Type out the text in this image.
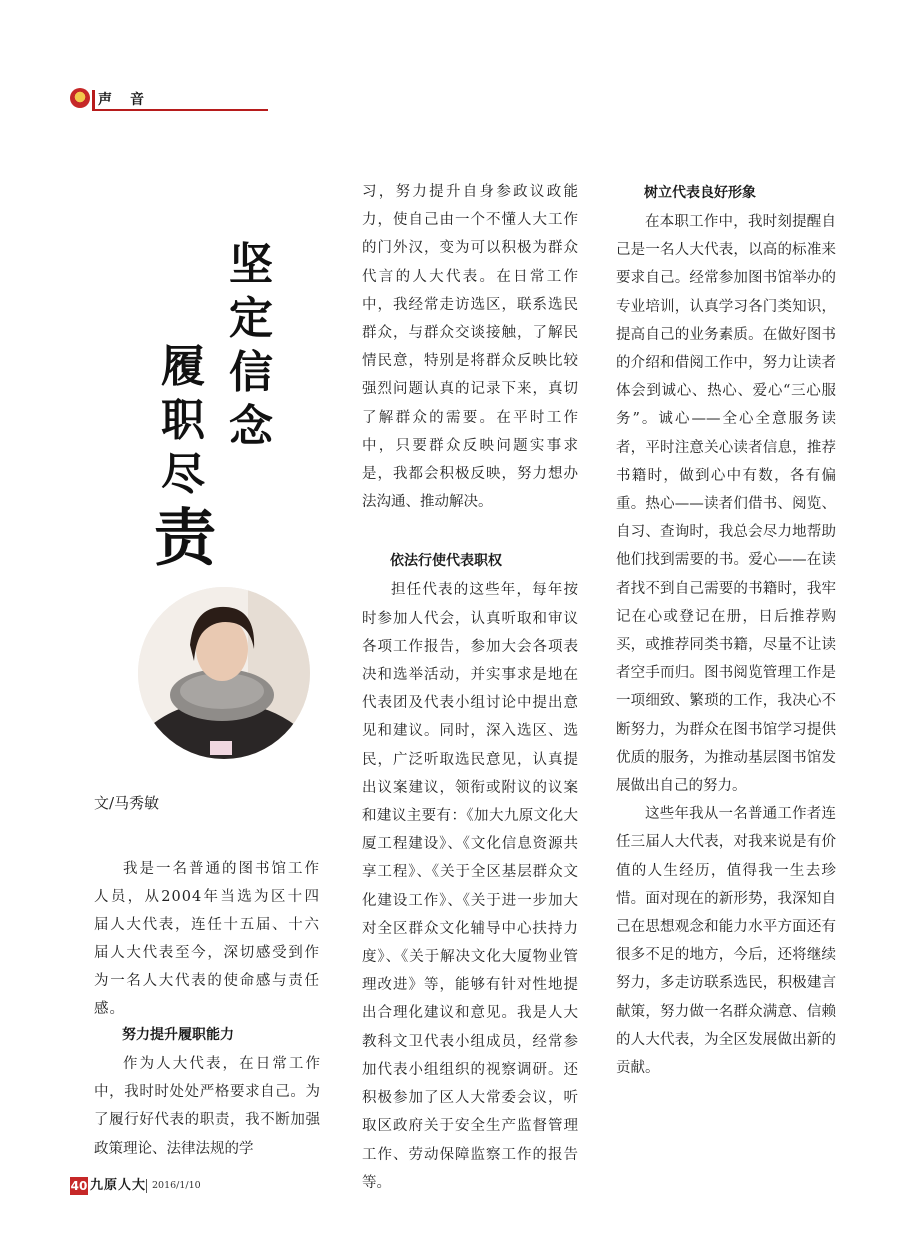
声音
坚定信念
履职尽
责
文/马秀敏

我是一名普通的图书馆工作人员，从2004年当选为区十四届人大代表，连任十五届、十六届人大代表至今，深切感受到作为一名人大代表的使命感与责任感。

努力提升履职能力

作为人大代表，在日常工作中，我时时处处严格要求自己。为了履行好代表的职责，我不断加强政策理论、法律法规的学

习，努力提升自身参政议政能力，使自己由一个不懂人大工作的门外汉，变为可以积极为群众代言的人大代表。在日常工作中，我经常走访选区，联系选民群众，与群众交谈接触，了解民情民意，特别是将群众反映比较强烈问题认真的记录下来，真切了解群众的需要。在平时工作中，只要群众反映问题实事求是，我都会积极反映，努力想办法沟通、推动解决。

依法行使代表职权

担任代表的这些年，每年按时参加人代会，认真听取和审议各项工作报告，参加大会各项表决和选举活动，并实事求是地在代表团及代表小组讨论中提出意见和建议。同时，深入选区、选民，广泛听取选民意见，认真提出议案建议，领衔或附议的议案和建议主要有：《加大九原文化大厦工程建设》、《文化信息资源共享工程》、《关于全区基层群众文化建设工作》、《关于进一步加大对全区群众文化辅导中心扶持力度》、《关于解决文化大厦物业管理改进》等，能够有针对性地提出合理化建议和意见。我是人大教科文卫代表小组成员，经常参加代表小组组织的视察调研。还积极参加了区人大常委会议，听取区政府关于安全生产监督管理工作、劳动保障监察工作的报告等。

树立代表良好形象

在本职工作中，我时刻提醒自己是一名人大代表，以高的标准来要求自己。经常参加图书馆举办的专业培训，认真学习各门类知识，提高自己的业务素质。在做好图书的介绍和借阅工作中，努力让读者体会到诚心、热心、爱心“三心服务”。诚心——全心全意服务读者，平时注意关心读者信息，推荐书籍时，做到心中有数，各有偏重。热心——读者们借书、阅览、自习、查询时，我总会尽力地帮助他们找到需要的书。爱心——在读者找不到自己需要的书籍时，我牢记在心或登记在册，日后推荐购买，或推荐同类书籍，尽量不让读者空手而归。图书阅览管理工作是一项细致、繁琐的工作，我决心不断努力，为群众在图书馆学习提供优质的服务，为推动基层图书馆发展做出自己的努力。

这些年我从一名普通工作者连任三届人大代表，对我来说是有价值的人生经历，值得我一生去珍惜。面对现在的新形势，我深知自己在思想观念和能力水平方面还有很多不足的地方，今后，还将继续努力，多走访联系选民，积极建言献策，努力做一名群众满意、信赖的人大代表，为全区发展做出新的贡献。

40 九原人大 2016/1/10
